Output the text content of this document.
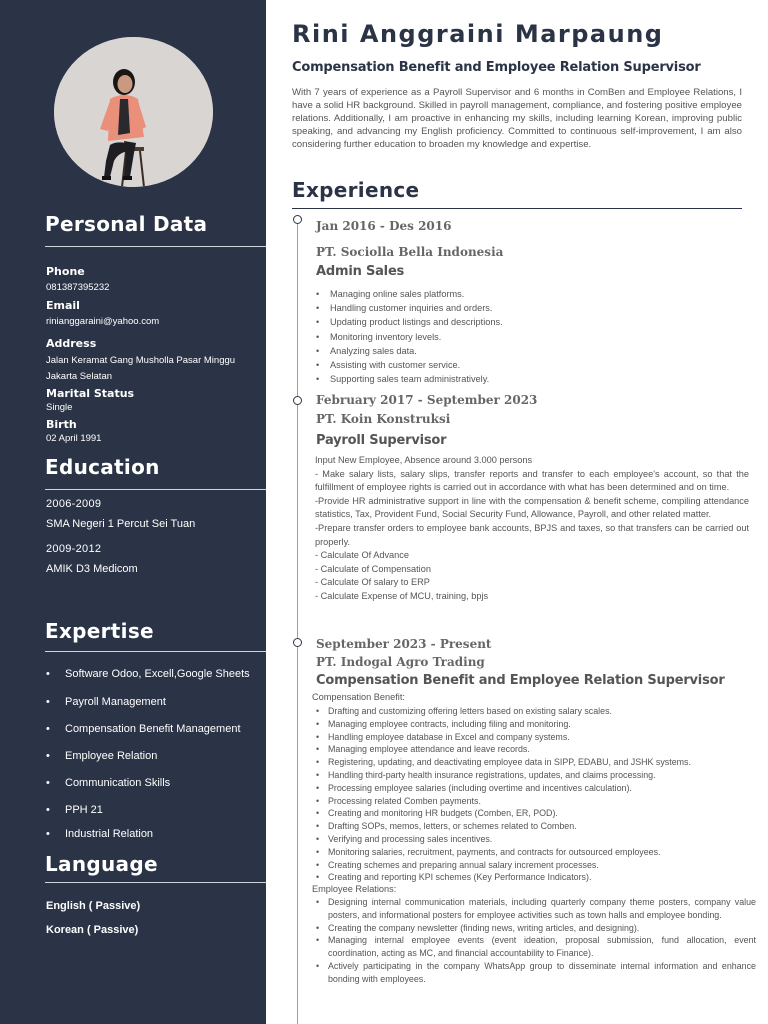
Personal Data
Phone
081387395232
Email
rinianggaraini@yahoo.com
Address
Jalan Keramat Gang Musholla Pasar Minggu
Jakarta Selatan
Marital Status
Single
Birth
02 April 1991
Education
2006-2009
SMA Negeri 1 Percut Sei Tuan
2009-2012
AMIK D3 Medicom
Expertise
• Software Odoo, Excell,Google Sheets
• Payroll Management
• Compensation Benefit Management
• Employee Relation
• Communication Skills
• PPH 21
• Industrial Relation
Language
English ( Passive)
Korean ( Passive)
Rini Anggraini Marpaung
Compensation Benefit and Employee Relation Supervisor
With 7 years of experience as a Payroll Supervisor and 6 months in ComBen and Employee Relations, I have a solid HR background. Skilled in payroll management, compliance, and fostering positive employee relations. Additionally, I am proactive in enhancing my skills, including learning Korean, improving public speaking, and advancing my English proficiency. Committed to continuous self-improvement, I am also considering further education to broaden my knowledge and expertise.
Experience
Jan 2016 - Des 2016
PT. Sociolla Bella Indonesia
Admin Sales
• Managing online sales platforms.
• Handling customer inquiries and orders.
• Updating product listings and descriptions.
• Monitoring inventory levels.
• Analyzing sales data.
• Assisting with customer service.
• Supporting sales team administratively.
February 2017 - September 2023
PT. Koin Konstruksi
Payroll Supervisor
Input New Employee, Absence around 3.000 persons
- Make salary lists, salary slips, transfer reports and transfer to each employee's account, so that the fulfillment of employee rights is carried out in accordance with what has been determined and on time.
-Provide HR administrative support in line with the compensation & benefit scheme, compiling attendance statistics, Tax, Provident Fund, Social Security Fund, Allowance, Payroll, and other related matter.
-Prepare transfer orders to employee bank accounts, BPJS and taxes, so that transfers can be carried out properly.
- Calculate Of Advance
- Calculate of Compensation
- Calculate Of salary to ERP
- Calculate Expense of MCU, training, bpjs
September 2023 - Present
PT. Indogal Agro Trading
Compensation Benefit and Employee Relation Supervisor
Compensation Benefit:
• Drafting and customizing offering letters based on existing salary scales.
• Managing employee contracts, including filing and monitoring.
• Handling employee database in Excel and company systems.
• Managing employee attendance and leave records.
• Registering, updating, and deactivating employee data in SIPP, EDABU, and JSHK systems.
• Handling third-party health insurance registrations, updates, and claims processing.
• Processing employee salaries (including overtime and incentives calculation).
• Processing related Comben payments.
• Creating and monitoring HR budgets (Comben, ER, POD).
• Drafting SOPs, memos, letters, or schemes related to Comben.
• Verifying and processing sales incentives.
• Monitoring salaries, recruitment, payments, and contracts for outsourced employees.
• Creating schemes and preparing annual salary increment processes.
• Creating and reporting KPI schemes (Key Performance Indicators).
Employee Relations:
• Designing internal communication materials, including quarterly company theme posters, company value posters, and informational posters for employee activities such as town halls and employee bonding.
• Creating the company newsletter (finding news, writing articles, and designing).
• Managing internal employee events (event ideation, proposal submission, fund allocation, event coordination, acting as MC, and financial accountability to Finance).
• Actively participating in the company WhatsApp group to disseminate internal information and enhance bonding with employees.
